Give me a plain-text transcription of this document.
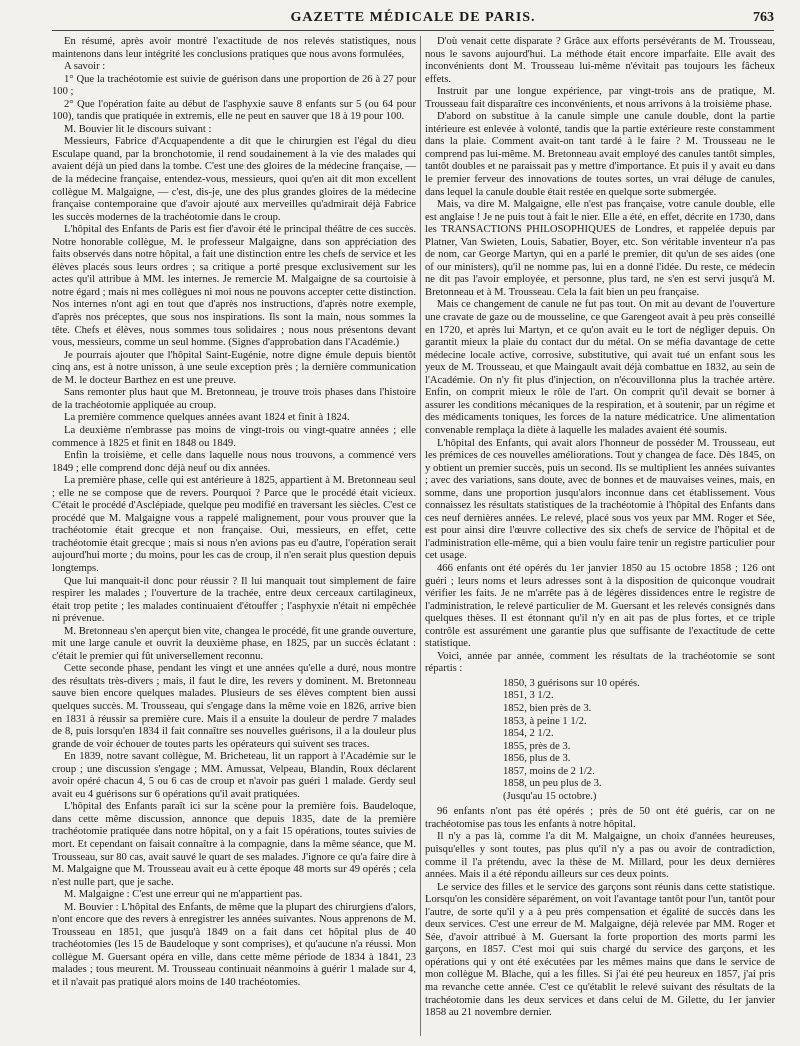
GAZETTE MÉDICALE DE PARIS.	763

En résumé, après avoir montré l'exactitude de nos relevés statistiques, nous maintenons dans leur intégrité les conclusions pratiques que nous avons formulées,

A savoir :

1° Que la trachéotomie est suivie de guérison dans une proportion de 26 à 27 pour 100 ;

2° Que l'opération faite au début de l'asphyxie sauve 8 enfants sur 5 (ou 64 pour 100), tandis que pratiquée in extremis, elle ne peut en sauver que 18 à 19 pour 100.

M. Bouvier lit le discours suivant :

Messieurs, Fabrice d'Acquapendente a dit que le chirurgien est l'égal du dieu Esculape quand, par la bronchotomie, il rend soudainement à la vie des malades qui avaient déjà un pied dans la tombe. C'est une des gloires de la médecine française, — de la médecine française, entendez-vous, messieurs, quoi qu'en ait dit mon excellent collègue M. Malgaigne, — c'est, dis-je, une des plus grandes gloires de la médecine française contemporaine que d'avoir ajouté aux merveilles qu'admirait déjà Fabrice les succès modernes de la trachéotomie dans le croup.

L'hôpital des Enfants de Paris est fier d'avoir été le principal théâtre de ces succès. Notre honorable collègue, M. le professeur Malgaigne, dans son appréciation des faits observés dans notre hôpital, a fait une distinction entre les chefs de service et les élèves placés sous leurs ordres ; sa critique a porté presque exclusivement sur les actes qu'il attribue à MM. les internes. Je remercie M. Malgaigne de sa courtoisie à notre égard ; mais ni mes collègues ni moi nous ne pouvons accepter cette distinction. Nos internes n'ont agi en tout que d'après nos instructions, d'après notre exemple, d'après nos préceptes, que sous nos inspirations. Ils sont la main, nous sommes la tête. Chefs et élèves, nous sommes tous solidaires ; nous nous présentons devant vous, messieurs, comme un seul homme. (Signes d'approbation dans l'Académie.)

Je pourrais ajouter que l'hôpital Saint-Eugénie, notre digne émule depuis bientôt cinq ans, est à notre unisson, à une seule exception près ; la dernière communication de M. le docteur Barthez en est une preuve.

Sans remonter plus haut que M. Bretonneau, je trouve trois phases dans l'histoire de la trachéotomie appliquée au croup.

La première commence quelques années avant 1824 et finit à 1824.

La deuxième n'embrasse pas moins de vingt-trois ou vingt-quatre années ; elle commence à 1825 et finit en 1848 ou 1849.

Enfin la troisième, et celle dans laquelle nous nous trouvons, a commencé vers 1849 ; elle comprend donc déjà neuf ou dix années.

La première phase, celle qui est antérieure à 1825, appartient à M. Bretonneau seul ; elle ne se compose que de revers. Pourquoi ? Parce que le procédé était vicieux. C'était le procédé d'Asclépiade, quelque peu modifié en traversant les siècles. C'est ce procédé que M. Malgaigne vous a rappelé malignement, pour vous prouver que la trachéotomie était grecque et non française. Oui, messieurs, en effet, cette trachéotomie était grecque ; mais si nous n'en avions pas eu d'autre, l'opération serait aujourd'hui morte ; du moins, pour les cas de croup, il n'en serait plus question depuis longtemps.

Que lui manquait-il donc pour réussir ? Il lui manquait tout simplement de faire respirer les malades ; l'ouverture de la trachée, entre deux cerceaux cartilagineux, était trop petite ; les malades continuaient d'étouffer ; l'asphyxie n'était ni empêchée ni prévenue.

M. Bretonneau s'en aperçut bien vite, changea le procédé, fit une grande ouverture, mit une large canule et ouvrit la deuxième phase, en 1825, par un succès éclatant : c'était le premier qui fût universellement reconnu.

Cette seconde phase, pendant les vingt et une années qu'elle a duré, nous montre des résultats très-divers ; mais, il faut le dire, les revers y dominent. M. Bretonneau sauve bien encore quelques malades. Plusieurs de ses élèves comptent bien aussi quelques succès. M. Trousseau, qui s'engage dans la même voie en 1826, arrive bien en 1831 à réussir sa première cure. Mais il a ensuite la douleur de perdre 7 malades de 8, puis lorsqu'en 1834 il fait connaître ses nouvelles guérisons, il a la douleur plus grande de voir échouer de toutes parts les opérateurs qui suivent ses traces.

En 1839, notre savant collègue, M. Bricheteau, lit un rapport à l'Académie sur le croup ; une discussion s'engage ; MM. Amussat, Velpeau, Blandin, Roux déclarent avoir opéré chacun 4, 5 ou 6 cas de croup et n'avoir pas guéri 1 malade. Gerdy seul avait eu 4 guérisons sur 6 opérations qu'il avait pratiquées.

L'hôpital des Enfants paraît ici sur la scène pour la première fois. Baudeloque, dans cette même discussion, annonce que depuis 1835, date de la première trachéotomie pratiquée dans notre hôpital, on y a fait 15 opérations, toutes suivies de mort. Et cependant on faisait connaître à la compagnie, dans la même séance, que M. Trousseau, sur 80 cas, avait sauvé le quart de ses malades. J'ignore ce qu'a faire dire à M. Malgaigne que M. Trousseau avait eu à cette époque 48 morts sur 49 opérés ; cela n'est nulle part, que je sache.

M. Malgaigne : C'est une erreur qui ne m'appartient pas.

M. Bouvier : L'hôpital des Enfants, de même que la plupart des chirurgiens d'alors, n'ont encore que des revers à enregistrer les années suivantes. Nous apprenons de M. Trousseau en 1851, que jusqu'à 1849 on a fait dans cet hôpital plus de 40 trachéotomies (les 15 de Baudeloque y sont comprises), et qu'aucune n'a réussi. Mon collègue M. Guersant opéra en ville, dans cette même période de 1834 à 1841, 23 malades ; tous meurent. M. Trousseau continuait néanmoins à guérir 1 malade sur 4, et il n'avait pas pratiqué alors moins de 140 trachéotomies.

D'où venait cette disparate ? Grâce aux efforts persévérants de M. Trousseau, nous le savons aujourd'hui. La méthode était encore imparfaite. Elle avait des inconvénients dont M. Trousseau lui-même n'évitait pas toujours les fâcheux effets.

Instruit par une longue expérience, par vingt-trois ans de pratique, M. Trousseau fait disparaître ces inconvénients, et nous arrivons à la troisième phase.

D'abord on substitue à la canule simple une canule double, dont la partie intérieure est enlevée à volonté, tandis que la partie extérieure reste constamment dans la plaie. Comment avait-on tant tardé à le faire ? M. Trousseau ne le comprend pas lui-même. M. Bretonneau avait employé des canules tantôt simples, tantôt doubles et ne paraissait pas y mettre d'importance. Et puis il y avait eu dans le premier ferveur des innovations de toutes sortes, un vrai déluge de canules, dans lequel la canule double était restée en quelque sorte submergée.

Mais, va dire M. Malgaigne, elle n'est pas française, votre canule double, elle est anglaise ! Je ne puis tout à fait le nier. Elle a été, en effet, décrite en 1730, dans les TRANSACTIONS PHILOSOPHIQUES de Londres, et rappelée depuis par Platner, Van Swieten, Louis, Sabatier, Boyer, etc. Son véritable inventeur n'a pas de nom, car George Martyn, qui en a parlé le premier, dit qu'un de ses aides (one of our ministers), qu'il ne nomme pas, lui en a donné l'idée. Du reste, ce médecin ne dit pas l'avoir employée, et personne, plus tard, ne s'en est servi jusqu'à M. Bretonneau et à M. Trousseau. Cela la fait bien un peu française.

Mais ce changement de canule ne fut pas tout. On mit au devant de l'ouverture une cravate de gaze ou de mousseline, ce que Garengeot avait à peu près conseillé en 1720, et après lui Martyn, et ce qu'on avait eu le tort de négliger depuis. On garantit mieux la plaie du contact dur du métal. On se méfia davantage de cette médecine locale active, corrosive, substitutive, qui avait tué un enfant sous les yeux de M. Trousseau, et que Maingault avait déjà combattue en 1832, au sein de l'Académie. On n'y fit plus d'injection, on n'écouvillonna plus la trachée artère. Enfin, on comprit mieux le rôle de l'art. On comprit qu'il devait se borner à assurer les conditions mécaniques de la respiration, et à soutenir, par un régime et des médicaments toniques, les forces de la nature médicatrice. Une alimentation convenable remplaça la diète à laquelle les malades avaient été soumis.

L'hôpital des Enfants, qui avait alors l'honneur de posséder M. Trousseau, eut les prémices de ces nouvelles améliorations. Tout y changea de face. Dès 1845, on y obtient un premier succès, puis un second. Ils se multiplient les années suivantes ; avec des variations, sans doute, avec de bonnes et de mauvaises veines, mais, en somme, dans une proportion jusqu'alors inconnue dans cet établissement. Vous connaissez les résultats statistiques de la trachéotomie à l'hôpital des Enfants dans ces neuf dernières années. Le relevé, placé sous vos yeux par MM. Roger et Sée, est pour ainsi dire l'œuvre collective des six chefs de service de l'hôpital et de l'administration elle-même, qui a bien voulu faire tenir un registre particulier pour cet usage.

466 enfants ont été opérés du 1er janvier 1850 au 15 octobre 1858 ; 126 ont guéri ; leurs noms et leurs adresses sont à la disposition de quiconque voudrait vérifier les faits. Je ne m'arrête pas à de légères dissidences entre le registre de l'administration, le relevé particulier de M. Guersant et les relevés consignés dans quelques thèses. Il est étonnant qu'il n'y en ait pas de plus fortes, et ce triple contrôle est assurément une garantie plus que suffisante de l'exactitude de cette statistique.

Voici, année par année, comment les résultats de la trachéotomie se sont répartis :

1850, 3 guérisons sur 10 opérés.
1851, 3 1/2.
1852, bien près de 3.
1853, à peine 1 1/2.
1854, 2 1/2.
1855, près de 3.
1856, plus de 3.
1857, moins de 2 1/2.
1858, un peu plus de 3.
(Jusqu'au 15 octobre.)

96 enfants n'ont pas été opérés ; près de 50 ont été guéris, car on ne trachéotomise pas tous les enfants à notre hôpital.

Il n'y a pas là, comme l'a dit M. Malgaigne, un choix d'années heureuses, puisqu'elles y sont toutes, pas plus qu'il n'y a pas ou avoir de contradiction, comme il l'a prétendu, avec la thèse de M. Millard, pour les deux dernières années. Mais il a été répondu ailleurs sur ces deux points.

Le service des filles et le service des garçons sont réunis dans cette statistique. Lorsqu'on les considère séparément, on voit l'avantage tantôt pour l'un, tantôt pour l'autre, de sorte qu'il y a à peu près compensation et égalité de succès dans les deux services. C'est une erreur de M. Malgaigne, déjà relevée par MM. Roger et Sée, d'avoir attribué à M. Guersant la forte proportion des morts parmi les garçons, en 1857. C'est moi qui suis chargé du service des garçons, et les opérations qui y ont été exécutées par les mêmes mains que dans le service de mon collègue M. Blache, qui a les filles. Si j'ai été peu heureux en 1857, j'ai pris ma revanche cette année. C'est ce qu'établit le relevé suivant des résultats de la trachéotomie dans les deux services et dans celui de M. Gilette, du 1er janvier 1858 au 21 novembre dernier.
